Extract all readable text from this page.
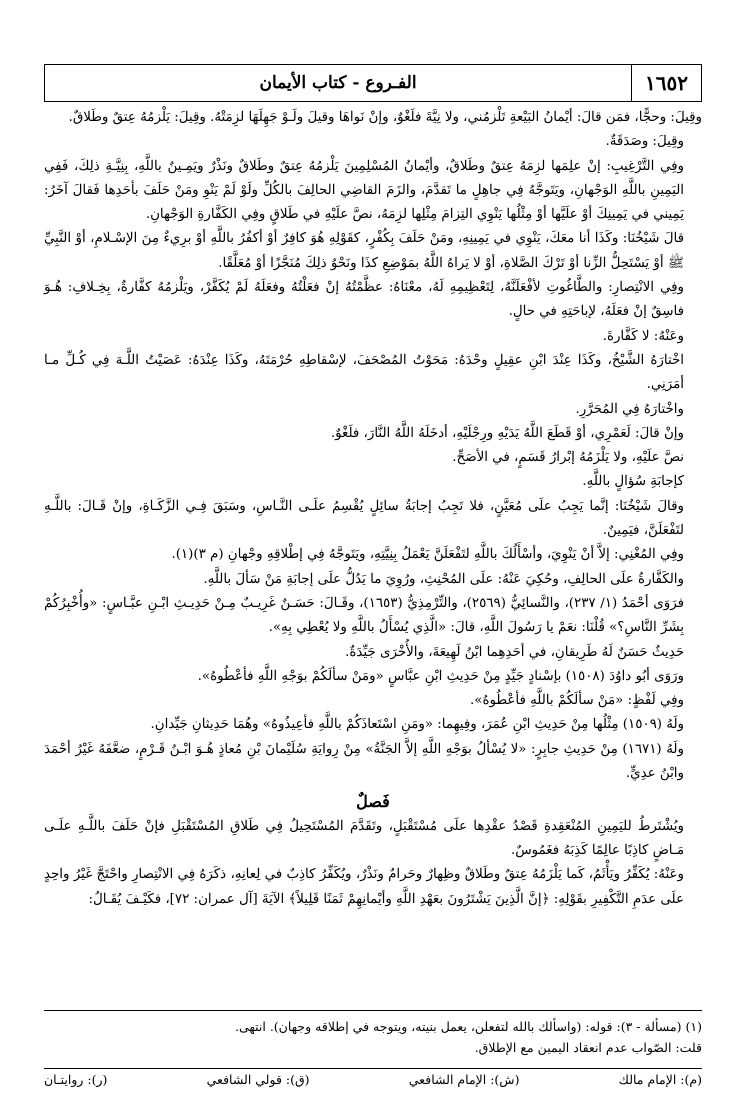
١٦٥٢
الفـروع - كتاب الأيمان

وقِيلَ: وحجًّا، فمَن قالَ: أيْمانُ البَيْعةِ تَلْزمُني، ولا نِيَّةَ فلَغْوٌ، وإنْ نَواهَا وقيلَ ولَـوْ جَهِلَهَا لزِمَتْهُ. وقِيلَ: يَلْزمُهُ عِتقٌ وطَلاقٌ.

وقِيلَ: وصَدَقَةٌ.

وفِي التَّرْغِيبِ: إنْ علِمَها لزِمَهُ عِتقٌ وطَلاقٌ، وأيْمانُ المُسْلِمِينَ يَلْزمُهُ عِتقٌ وطَلاقٌ ونَذْرٌ ويَمِـينٌ باللَّهِ، بِنِيَّـةِ ذلِكَ، فَفِي اليَمِينِ باللَّهِ الوَجْهانِ، ويَتَوجَّهُ فِي جاهِلٍ ما تَقدَّمَ، والزَمَ القاضِي الحالِفَ بالكُلِّ ولَوْ لَمْ يَنْوِ ومَنْ حَلَفَ بأحَدِها فَقالَ آخَرُ: يَمِيني في يَمِينِكَ أوْ علَيَّها أوْ مِثْلُها يَنْوِي التِزامَ مِثْلِها لزِمَهُ، نصَّ علَيْهِ في طَلاقٍ وفِي الكَفَّارةِ الوَجْهانِ.

قالَ شَيْخُنَا: وكَذَا أنا معَكَ، يَنْوِي في يَمِينِهِ، ومَنْ حَلَفَ بِكُفْرٍ، كقَوْلِهِ هُوَ كافِرٌ أوْ أكفُرُ باللَّهِ أوْ برِيءٌ مِنَ الإسْـلامِ، أوْ النَّبِيِّ ﷺ أوْ يَسْتَحِلُّ الزِّنا أوْ تَرْكَ الصَّلاةِ، أوْ لا يَراهُ اللَّهُ بمَوْضِعِ كذَا ونَحْوُ ذلِكَ مُنَجَّزًا أوْ مُعَلَّقًا.

وفِي الانْتِصارِ: والطَّاغُوتِ لأفْعَلَنَّهُ، لِتَعْظِيمِهِ لَهُ، معْنَاهُ: عظَّمْتُهُ إنْ فعَلْتُهُ وفعَلَهُ لَمْ يُكَفَّرْ، ويَلْزمُهُ كفَّارةٌ، بِخِـلافِ: هُـوَ فاسِقٌ إنْ فعَلَهُ، لإباحَتِهِ في حالٍ.

وعَنْهُ: لا كَفَّارةَ.

اخْتارَهُ الشَّيْخُ، وكَذَا عِنْدَ ابْنِ عقِيلٍ وحْدَهُ: مَحَوْتُ المُصْحَفَ، لإسْقاطِهِ حُرْمَتَهُ، وكَذَا عِنْدَهُ: عَصَيْتُ اللَّـهَ فِي كُـلِّ مـا أمَرَنِي.

واخْتارَهُ فِي المُحَرَّرِ.

وإنْ قالَ: لَعَمْرِي، أوْ قَطَعَ اللَّهُ يَدَيْهِ ورِجْلَيْهِ، أدخَلَهُ اللَّهُ النَّارَ، فلَغْوٌ.

نصَّ علَيْهِ، ولا يَلْزَمُهُ إبْرارُ قَسَمٍ، في الأصَحِّ.

كإجابَةِ سُؤالٍ باللَّهِ.

وقالَ شَيْخُنَا: إنَّما يَجِبُ علَى مُعَيَّنٍ، فلا تَجِبُ إجابَةُ سائِلٍ يُقْسِمُ علَـى النَّـاسِ، وسَبَقَ فِـي الزَّكَـاةِ، وإنْ قَـالَ: باللَّـهِ لتَفْعَلَنَّ، فيَمِينٌ.

وفِي المُغْنِي: إلاَّ أنْ يَنْوِيَ، وأسْأَلُكَ باللَّهِ لتَفْعَلَنَّ يَعْمَلُ بِنِيَّتِهِ، ويَتَوجَّهُ فِي إطْلاقِهِ وجْهانِ (م ٣)(١).

والكَفَّارةُ علَى الحالِفِ، وحُكِيَ عَنْهُ: علَى المُحْنِثِ، ورُوِيَ ما يَدُلُّ علَى إجابَةِ مَنْ سَألَ باللَّهِ.

فرَوَى أحْمَدُ (١/ ٢٣٧)، والنَّسائِيُّ (٢٥٦٩)، والتِّرْمِذِيُّ (١٦٥٣)، وقَـالَ: حَسَـنٌ غَرِيـبٌ مِـنْ حَدِيـثِ ابْـنِ عبَّـاسٍ: «وأُخْبِرُكُمْ بِشَرِّ النَّاسِ؟» قُلْنَا: نعَمْ يا رَسُولَ اللَّهِ، قالَ: «الَّذِي يُسْأَلُ باللَّهِ ولا يُعْطِي بِهِ».

حَدِيثٌ حَسَنٌ لَهُ طَرِيقانِ، في أحَدِهِما ابْنُ لَهِيعَةَ، والأُخْرَى جَيِّدَةٌ.

ورَوَى أبُو داوُدَ (١٥٠٨) بإسْنادٍ جَيِّدٍ مِنْ حَدِيثِ ابْنِ عبَّاسٍ «ومَنْ سألَكُمْ بوَجْهِ اللَّهِ فأعْطُوهُ».

وفِي لَفْظٍ: «مَنْ سألَكُمْ باللَّهِ فأعْطُوهُ».

ولَهُ (١٥٠٩) مِثْلُها مِنْ حَدِيثِ ابْنِ عُمَرَ، وفِيهِما: «ومَنِ اسْتَعاذَكُمْ باللَّهِ فأعِيذُوهُ» وهُمَا حَدِيثانِ جَيِّدانِ.

ولَهُ (١٦٧١) مِنْ حَدِيثِ جابِرٍ: «لا يُسْألُ بوَجْهِ اللَّهِ إلاَّ الجَنَّةُ» مِنْ رِوايَةِ سُلَيْمانَ بْنِ مُعاذٍ هُـوَ ابْـنُ قَـرْمٍ، ضعَّفَهُ غَيْرُ أحْمَدَ وابْنُ عدِيٍّ.

فَصلٌ

ويُشْتَرطُ لليَمِينِ المُنْعَقِدةِ قَصْدُ عقْدِها علَى مُسْتَقْبَلٍ، وتَقَدَّمَ المُسْتَحِيلُ فِي طَلاقِ المُسْتَقْبَلِ فإنْ حَلَفَ باللَّـهِ علَـى مَـاضٍ كاذِبًا عالِمًا كَذِبَهُ فغَمُوسٌ.

وعَنْهُ: يُكَفِّرُ ويَأْثَمُ، كَما يَلْزَمُهُ عِتقٌ وطَلاقٌ وظِهارٌ وحَرامٌ ونَذْرٌ، ويُكَفِّرُ كاذِبٌ في لِعانِهِ، ذكَرَهُ فِي الانْتِصارِ واحْتَجَّ غَيْرُ واحِدٍ علَى عدَمِ التَّكْفِيرِ بقَوْلِهِ: ﴿إنَّ الَّذِينَ يَشْتَرُونَ بعَهْدِ اللَّهِ وأيْمانِهِمْ ثَمَنًا قَلِيلاً﴾ الآيَةَ [آل عمران: ٧٢]، فكَيْـفَ يُقَـالُ:

(١) (مسألة - ٣): قوله: (واسألك بالله لتفعلن، يعمل بنيته، ويتوجه في إطلاقه وجهان). انتهى.

قلت: الصّواب عدم انعقاد اليمين مع الإطلاق.

(م): الإمام مالك
(ش): الإمام الشافعي
(ق): قولي الشافعي
(ر): روايتـان
